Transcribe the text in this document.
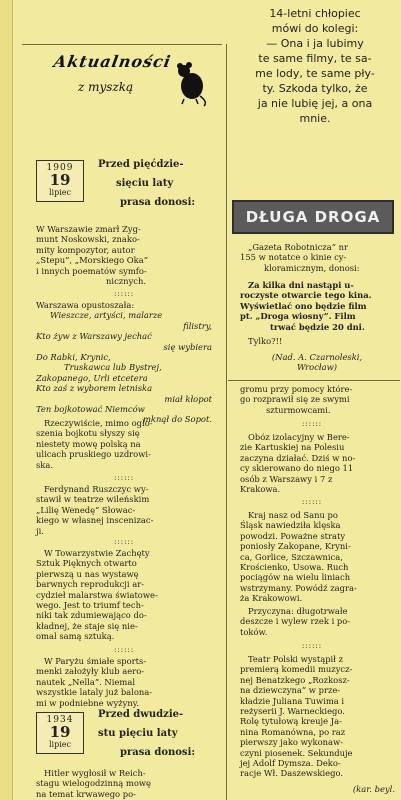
Aktualności
z myszką
1909
19
lipiec
Przed pięćdzie-
sięciu laty
prasa donosi:
W Warszawie zmarł Zyg-
munt Noskowski, znako-
mity kompozytor, autor
„Stepu”, „Morskiego Oka”
i innych poematów symfo-
nicznych.
::::::
Warszawa opustoszała:
Wieszcze, artyści, malarze
filistry,
Kto żyw z Warszawy jechać
się wybiera
Do Rabki, Krynic,
Truskawca lub Bystrej,
Zakopanego, Urli etcetera
Kto zaś z wyborem letniska
miał kłopot
Ten bojkotować Niemców
mknął do Sopot.
Rzeczywiście, mimo ogło-
szenia bojkotu słyszy się
niestety mowę polską na
ulicach pruskiego uzdrowi-
ska.
::::::
Ferdynand Ruszczyc wy-
stawił w teatrze wileńskim
„Lilię Wenedę” Słowac-
kiego w własnej inscenizac-
ji.
::::::
W Towarzystwie Zachęty
Sztuk Pięknych otwarto
pierwszą u nas wystawę
barwnych reprodukcji ar-
cydzieł malarstwa światowe-
wego. Jest to triumf tech-
niki tak zdumiewająco do-
kładnej, że staje się nie-
omal samą sztuką.
::::::
W Paryżu śmiałe sports-
menki założyły klub aero-
nautek „Nella”. Niemal
wszystkie lataly już balona-
mi w podniebne wyżyny.
1934
19
lipiec
Przed dwudzie-
stu pięciu laty
prasa donosi:
Hitler wygłosił w Reich-
stagu wielogodzinną mowę
na temat krwawego po-
14-letni chłopiec
mówi do kolegi:
— Ona i ja lubimy
te same filmy, te sa-
me lody, te same pły-
ty. Szkoda tylko, że
ja nie lubię jej, a ona
mnie.
DŁUGA DROGA
„Gazeta Robotnicza” nr
155 w notatce o kinie cy-
kloramicznym, donosi:
Za kilka dni nastąpi u-
roczyste otwarcie tego kina.
Wyświetlać ono będzie film
pt. „Droga wiosny”. Film
trwać będzie 20 dni.
Tylko?!!
(Nad. A. Czarnoleski,
Wrocław)
gromu przy pomocy które-
go rozprawił się ze swymi
szturmowcami.
::::::
Obóz izolacyjny w Bere-
zie Kartuskiej na Polesiu
zaczyna działać. Dziś w no-
cy skierowano do niego 11
osób z Warszawy i 7 z
Krakowa.
::::::
Kraj nasz od Sanu po
Śląsk nawiedziła klęska
powodzi. Poważne straty
poniosły Zakopane, Kryni-
ca, Gorlice, Szczawnica,
Krościenko, Usowa. Ruch
pociągów na wielu liniach
wstrzymany. Powódź zagra-
ża Krakowowi.
Przyczyna: długotrwałe
deszcze i wylew rzek i po-
toków.
::::::
Teatr Polski wystąpił z
premierą komedii muzycz-
nej Benatzkego „Rozkosz-
na dziewczyna” w prze-
kładzie Juliana Tuwima i
reżyserii J. Warneckiego.
Rolę tytułową kreuje Ja-
nina Romanówna, po raz
pierwszy jako wykonaw-
czyni piosenek. Sekunduje
jej Adolf Dymsza. Deko-
racje Wł. Daszewskiego.
(kar. beyl.
